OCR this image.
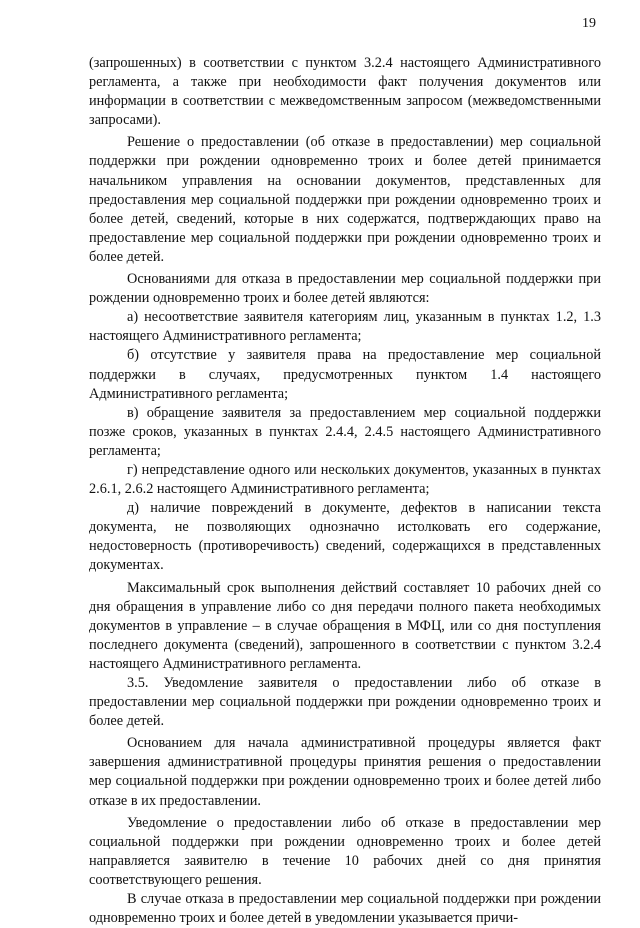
19

(запрошенных) в соответствии с пунктом 3.2.4 настоящего Административного регламента, а также при необходимости факт получения документов или информации в соответствии с межведомственным запросом (межведомственными запросами).

Решение о предоставлении (об отказе в предоставлении) мер социальной поддержки при рождении одновременно троих и более детей принимается начальником управления на основании документов, представленных для предоставления мер социальной поддержки при рождении одновременно троих и более детей, сведений, которые в них содержатся, подтверждающих право на предоставление мер социальной поддержки при рождении одновременно троих и более детей.

Основаниями для отказа в предоставлении мер социальной поддержки при рождении одновременно троих и более детей являются:

а) несоответствие заявителя категориям лиц, указанным в пунктах 1.2, 1.3 настоящего Административного регламента;

б) отсутствие у заявителя права на предоставление мер социальной поддержки в случаях, предусмотренных пунктом 1.4 настоящего Административного регламента;

в) обращение заявителя за предоставлением мер социальной поддержки позже сроков, указанных в пунктах 2.4.4, 2.4.5 настоящего Административного регламента;

г) непредставление одного или нескольких документов, указанных в пунктах 2.6.1, 2.6.2 настоящего Административного регламента;

д) наличие повреждений в документе, дефектов в написании текста документа, не позволяющих однозначно истолковать его содержание, недостоверность (противоречивость) сведений, содержащихся в представленных документах.

Максимальный срок выполнения действий составляет 10 рабочих дней со дня обращения в управление либо со дня передачи полного пакета необходимых документов в управление – в случае обращения в МФЦ, или со дня поступления последнего документа (сведений), запрошенного в соответствии с пунктом 3.2.4 настоящего Административного регламента.

3.5. Уведомление заявителя о предоставлении либо об отказе в предоставлении мер социальной поддержки при рождении одновременно троих и более детей.

Основанием для начала административной процедуры является факт завершения административной процедуры принятия решения о предоставлении мер социальной поддержки при рождении одновременно троих и более детей либо отказе в их предоставлении.

Уведомление о предоставлении либо об отказе в предоставлении мер социальной поддержки при рождении одновременно троих и более детей направляется заявителю в течение 10 рабочих дней со дня принятия соответствующего решения.

В случае отказа в предоставлении мер социальной поддержки при рождении одновременно троих и более детей в уведомлении указывается причи-
